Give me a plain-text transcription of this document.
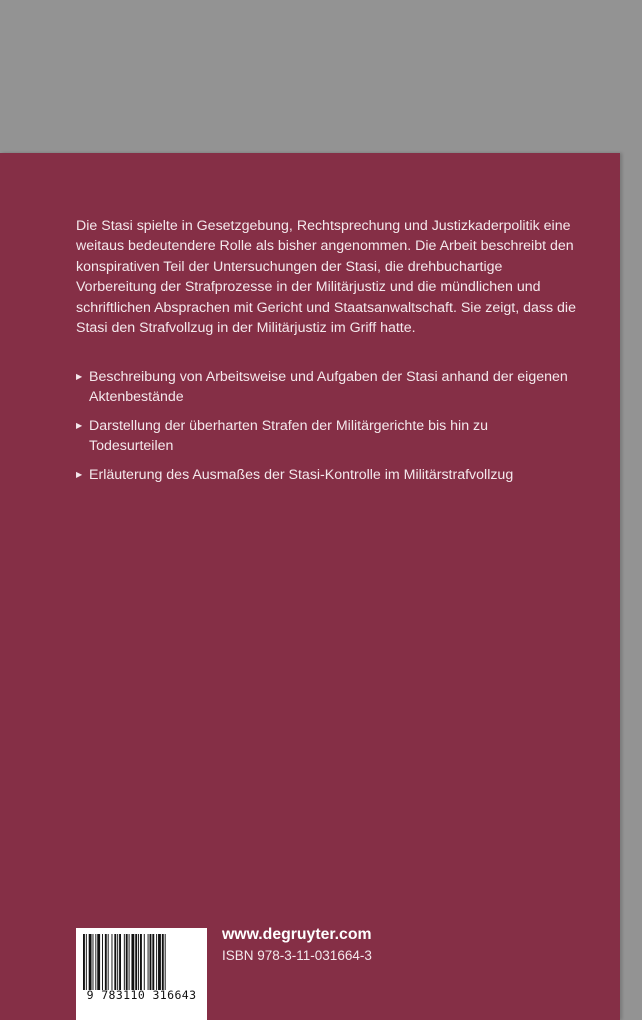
Die Stasi spielte in Gesetzgebung, Rechtsprechung und Justizkaderpolitik eine weitaus bedeutendere Rolle als bisher angenommen. Die Arbeit beschreibt den konspirativen Teil der Untersuchungen der Stasi, die drehbuchartige Vorbereitung der Strafprozesse in der Militärjustiz und die mündlichen und schriftlichen Absprachen mit Gericht und Staatsanwaltschaft. Sie zeigt, dass die Stasi den Strafvollzug in der Militärjustiz im Griff hatte.

▶ Beschreibung von Arbeitsweise und Aufgaben der Stasi anhand der eigenen Aktenbestände
▶ Darstellung der überharten Strafen der Militärgerichte bis hin zu Todesurteilen
▶ Erläuterung des Ausmaßes der Stasi-Kontrolle im Militärstrafvollzug
9 783110 316643
www.degruyter.com
ISBN 978-3-11-031664-3
